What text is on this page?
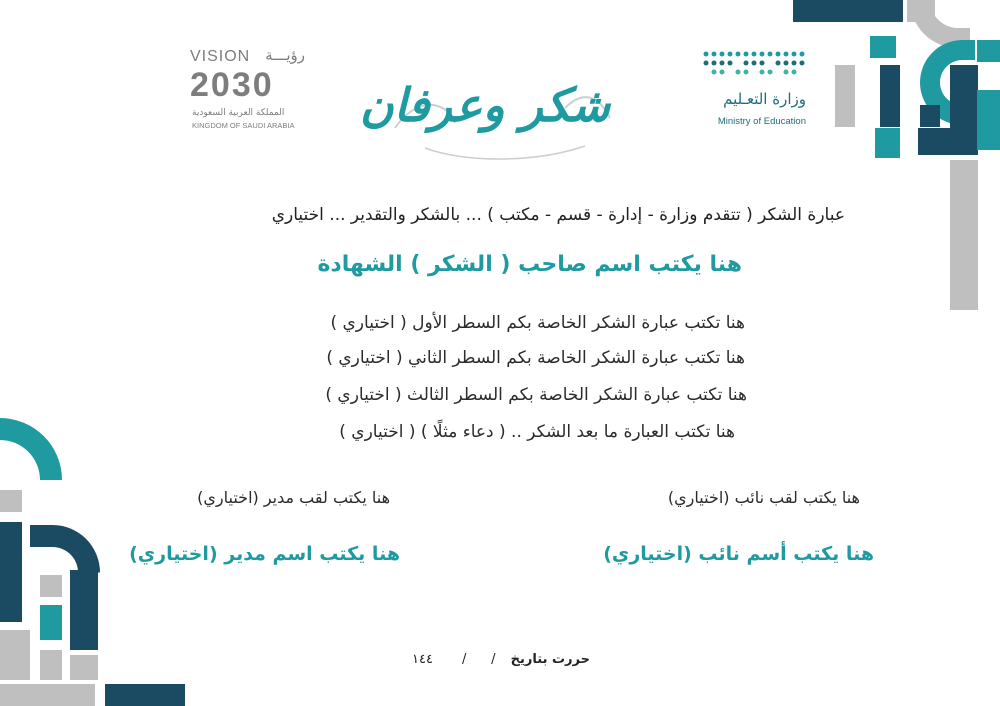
VISION رؤيـــة
2030
المملكة العربية السعودية
KINGDOM OF SAUDI ARABIA شكر وعرفان	وزارة التعـليم
Ministry of Education
عبارة الشكر ( تتقدم وزارة - إدارة - قسم - مكتب ) ... بالشكر والتقدير ... اختياري
هنا يكتب اسم صاحب ( الشكر ) الشهادة
هنا تكتب عبارة الشكر الخاصة بكم السطر الأول ( اختياري )
هنا تكتب عبارة الشكر الخاصة بكم السطر الثاني ( اختياري )
هنا تكتب عبارة الشكر الخاصة بكم السطر الثالث ( اختياري )
هنا تكتب العبارة ما بعد الشكر .. ( دعاء مثلًا ) ( اختياري )
هنا يكتب لقب نائب (اختياري)
هنا يكتب أسم نائب (اختياري)
هنا يكتب لقب مدير (اختياري)
هنا يكتب اسم مدير (اختياري)
حررت بتاريخ
/      /
١٤٤
